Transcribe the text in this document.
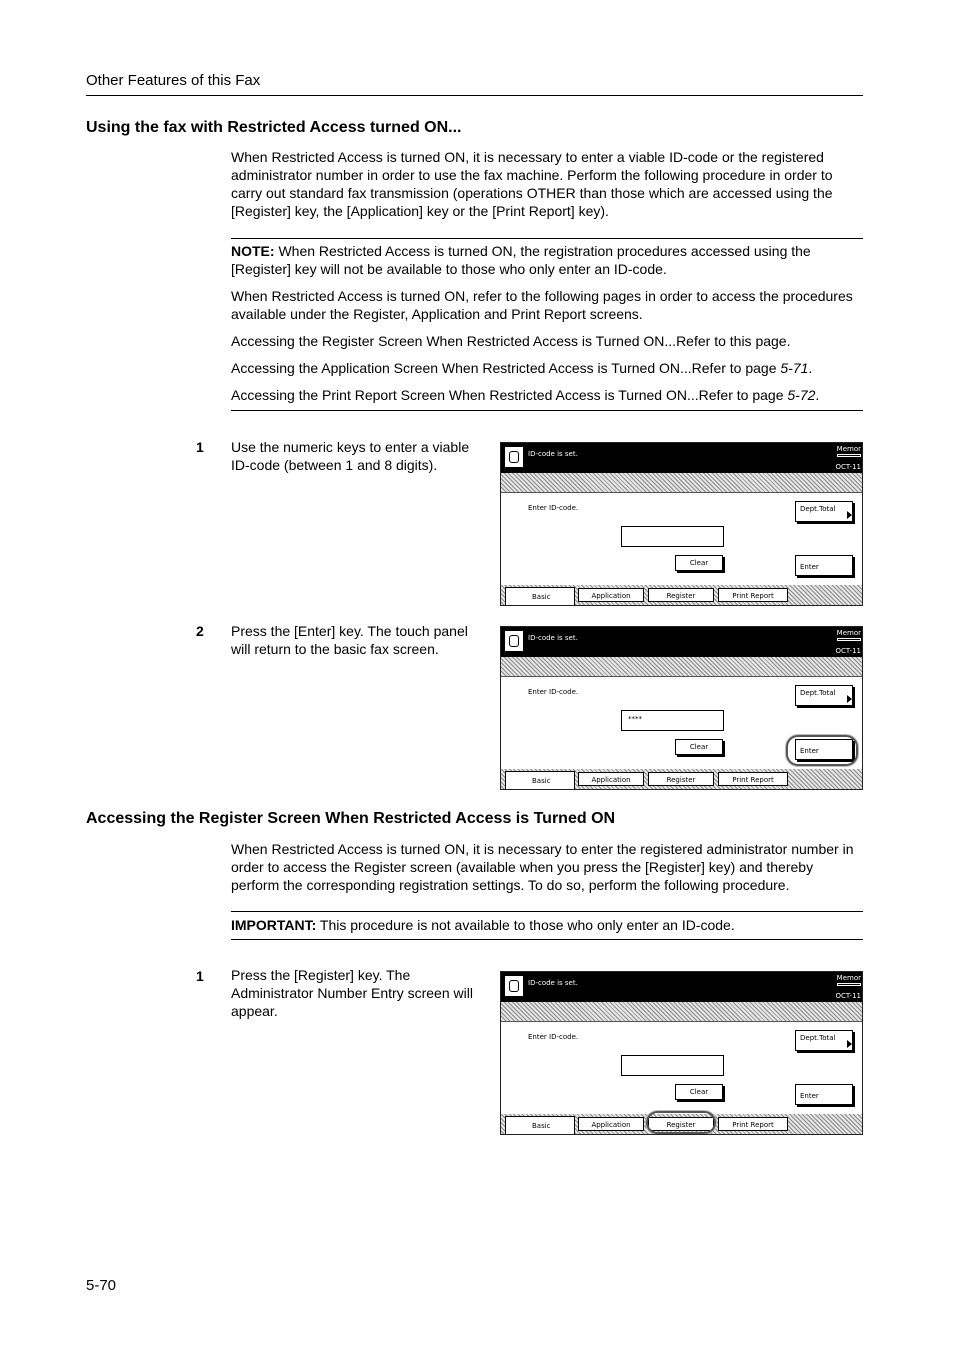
Other Features of this Fax
Using the fax with Restricted Access turned ON...

When Restricted Access is turned ON, it is necessary to enter a viable ID-code or the registered administrator number in order to use the fax machine. Perform the following procedure in order to carry out standard fax transmission (operations OTHER than those which are accessed using the [Register] key, the [Application] key or the [Print Report] key).

NOTE: When Restricted Access is turned ON, the registration procedures accessed using the [Register] key will not be available to those who only enter an ID-code.
When Restricted Access is turned ON, refer to the following pages in order to access the procedures available under the Register, Application and Print Report screens.
Accessing the Register Screen When Restricted Access is Turned ON...Refer to this page.
Accessing the Application Screen When Restricted Access is Turned ON...Refer to page 5-71.
Accessing the Print Report Screen When Restricted Access is Turned ON...Refer to page 5-72.
1 Use the numeric keys to enter a viable ID-code (between 1 and 8 digits).
2 Press the [Enter] key. The touch panel will return to the basic fax screen.
ID-code is set.
Memor
OCT-11
Enter ID-code.
Clear
Dept.Total
Enter
Basic	Application	Register	Print Report
ID-code is set.
Memor
OCT-11
Enter ID-code.
****
Clear
Dept.Total
Enter
Basic	Application	Register	Print Report
Accessing the Register Screen When Restricted Access is Turned ON

When Restricted Access is turned ON, it is necessary to enter the registered administrator number in order to access the Register screen (available when you press the [Register] key) and thereby perform the corresponding registration settings. To do so, perform the following procedure.

IMPORTANT: This procedure is not available to those who only enter an ID-code.
1 Press the [Register] key. The Administrator Number Entry screen will appear.
ID-code is set.
Memor
OCT-11
Enter ID-code.
Clear
Dept.Total
Enter
Basic	Application	Register	Print Report
5-70
